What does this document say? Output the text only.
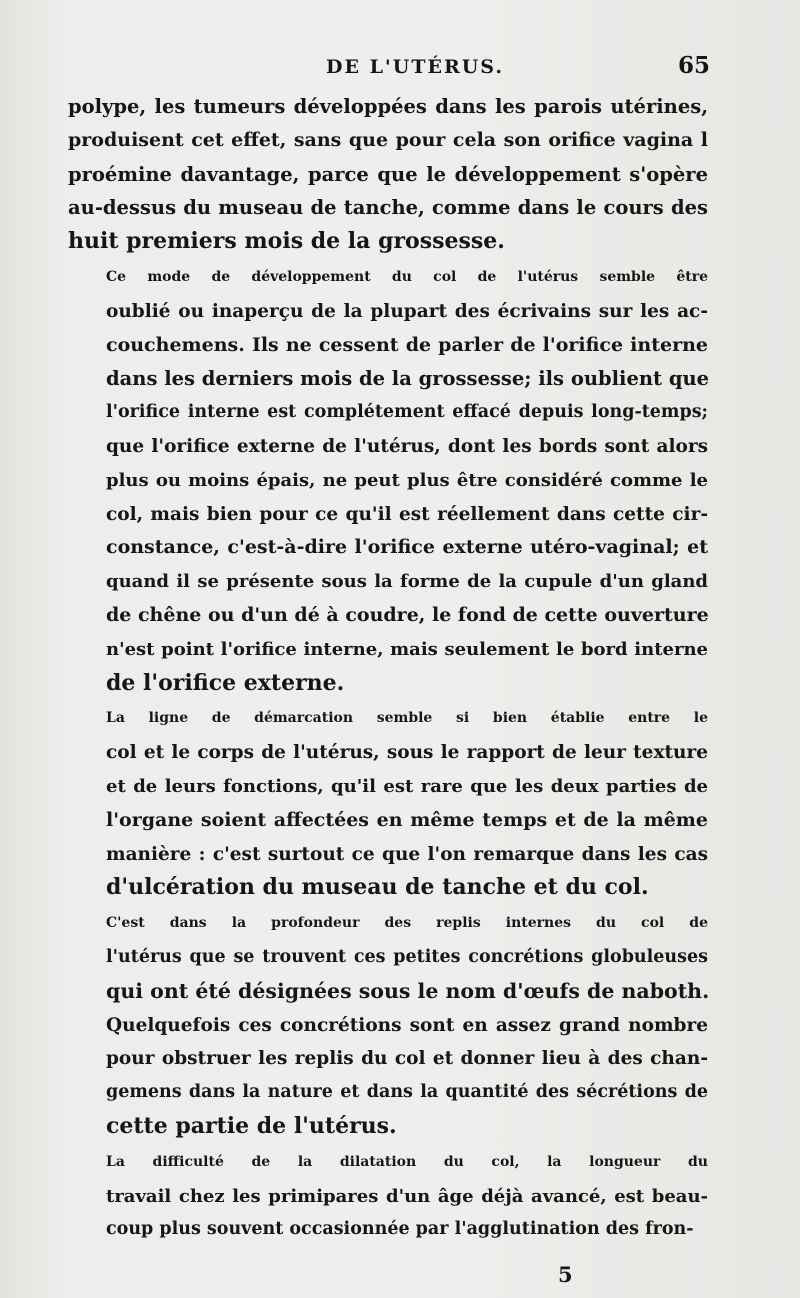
DE L'UTÉRUS.	65

polype, les tumeurs développées dans les parois utérines,
produisent cet effet, sans que pour cela son orifice vagina l
proémine davantage, parce que le développement s'opère
au-dessus du museau de tanche, comme dans le cours des
huit premiers mois de la grossesse.

Ce mode de développement du col de l'utérus semble être
oublié ou inaperçu de la plupart des écrivains sur les ac-
couchemens. Ils ne cessent de parler de l'orifice interne
dans les derniers mois de la grossesse; ils oublient que
l'orifice interne est complétement effacé depuis long-temps;
que l'orifice externe de l'utérus, dont les bords sont alors
plus ou moins épais, ne peut plus être considéré comme le
col, mais bien pour ce qu'il est réellement dans cette cir-
constance, c'est-à-dire l'orifice externe utéro-vaginal; et
quand il se présente sous la forme de la cupule d'un gland
de chêne ou d'un dé à coudre, le fond de cette ouverture
n'est point l'orifice interne, mais seulement le bord interne
de l'orifice externe.

La ligne de démarcation semble si bien établie entre le
col et le corps de l'utérus, sous le rapport de leur texture
et de leurs fonctions, qu'il est rare que les deux parties de
l'organe soient affectées en même temps et de la même
manière : c'est surtout ce que l'on remarque dans les cas
d'ulcération du museau de tanche et du col.

C'est dans la profondeur des replis internes du col de
l'utérus que se trouvent ces petites concrétions globuleuses
qui ont été désignées sous le nom d'œufs de naboth.
Quelquefois ces concrétions sont en assez grand nombre
pour obstruer les replis du col et donner lieu à des chan-
gemens dans la nature et dans la quantité des sécrétions de
cette partie de l'utérus.

La difficulté de la dilatation du col, la longueur du
travail chez les primipares d'un âge déjà avancé, est beau-
coup plus souvent occasionnée par l'agglutination des fron-

5
